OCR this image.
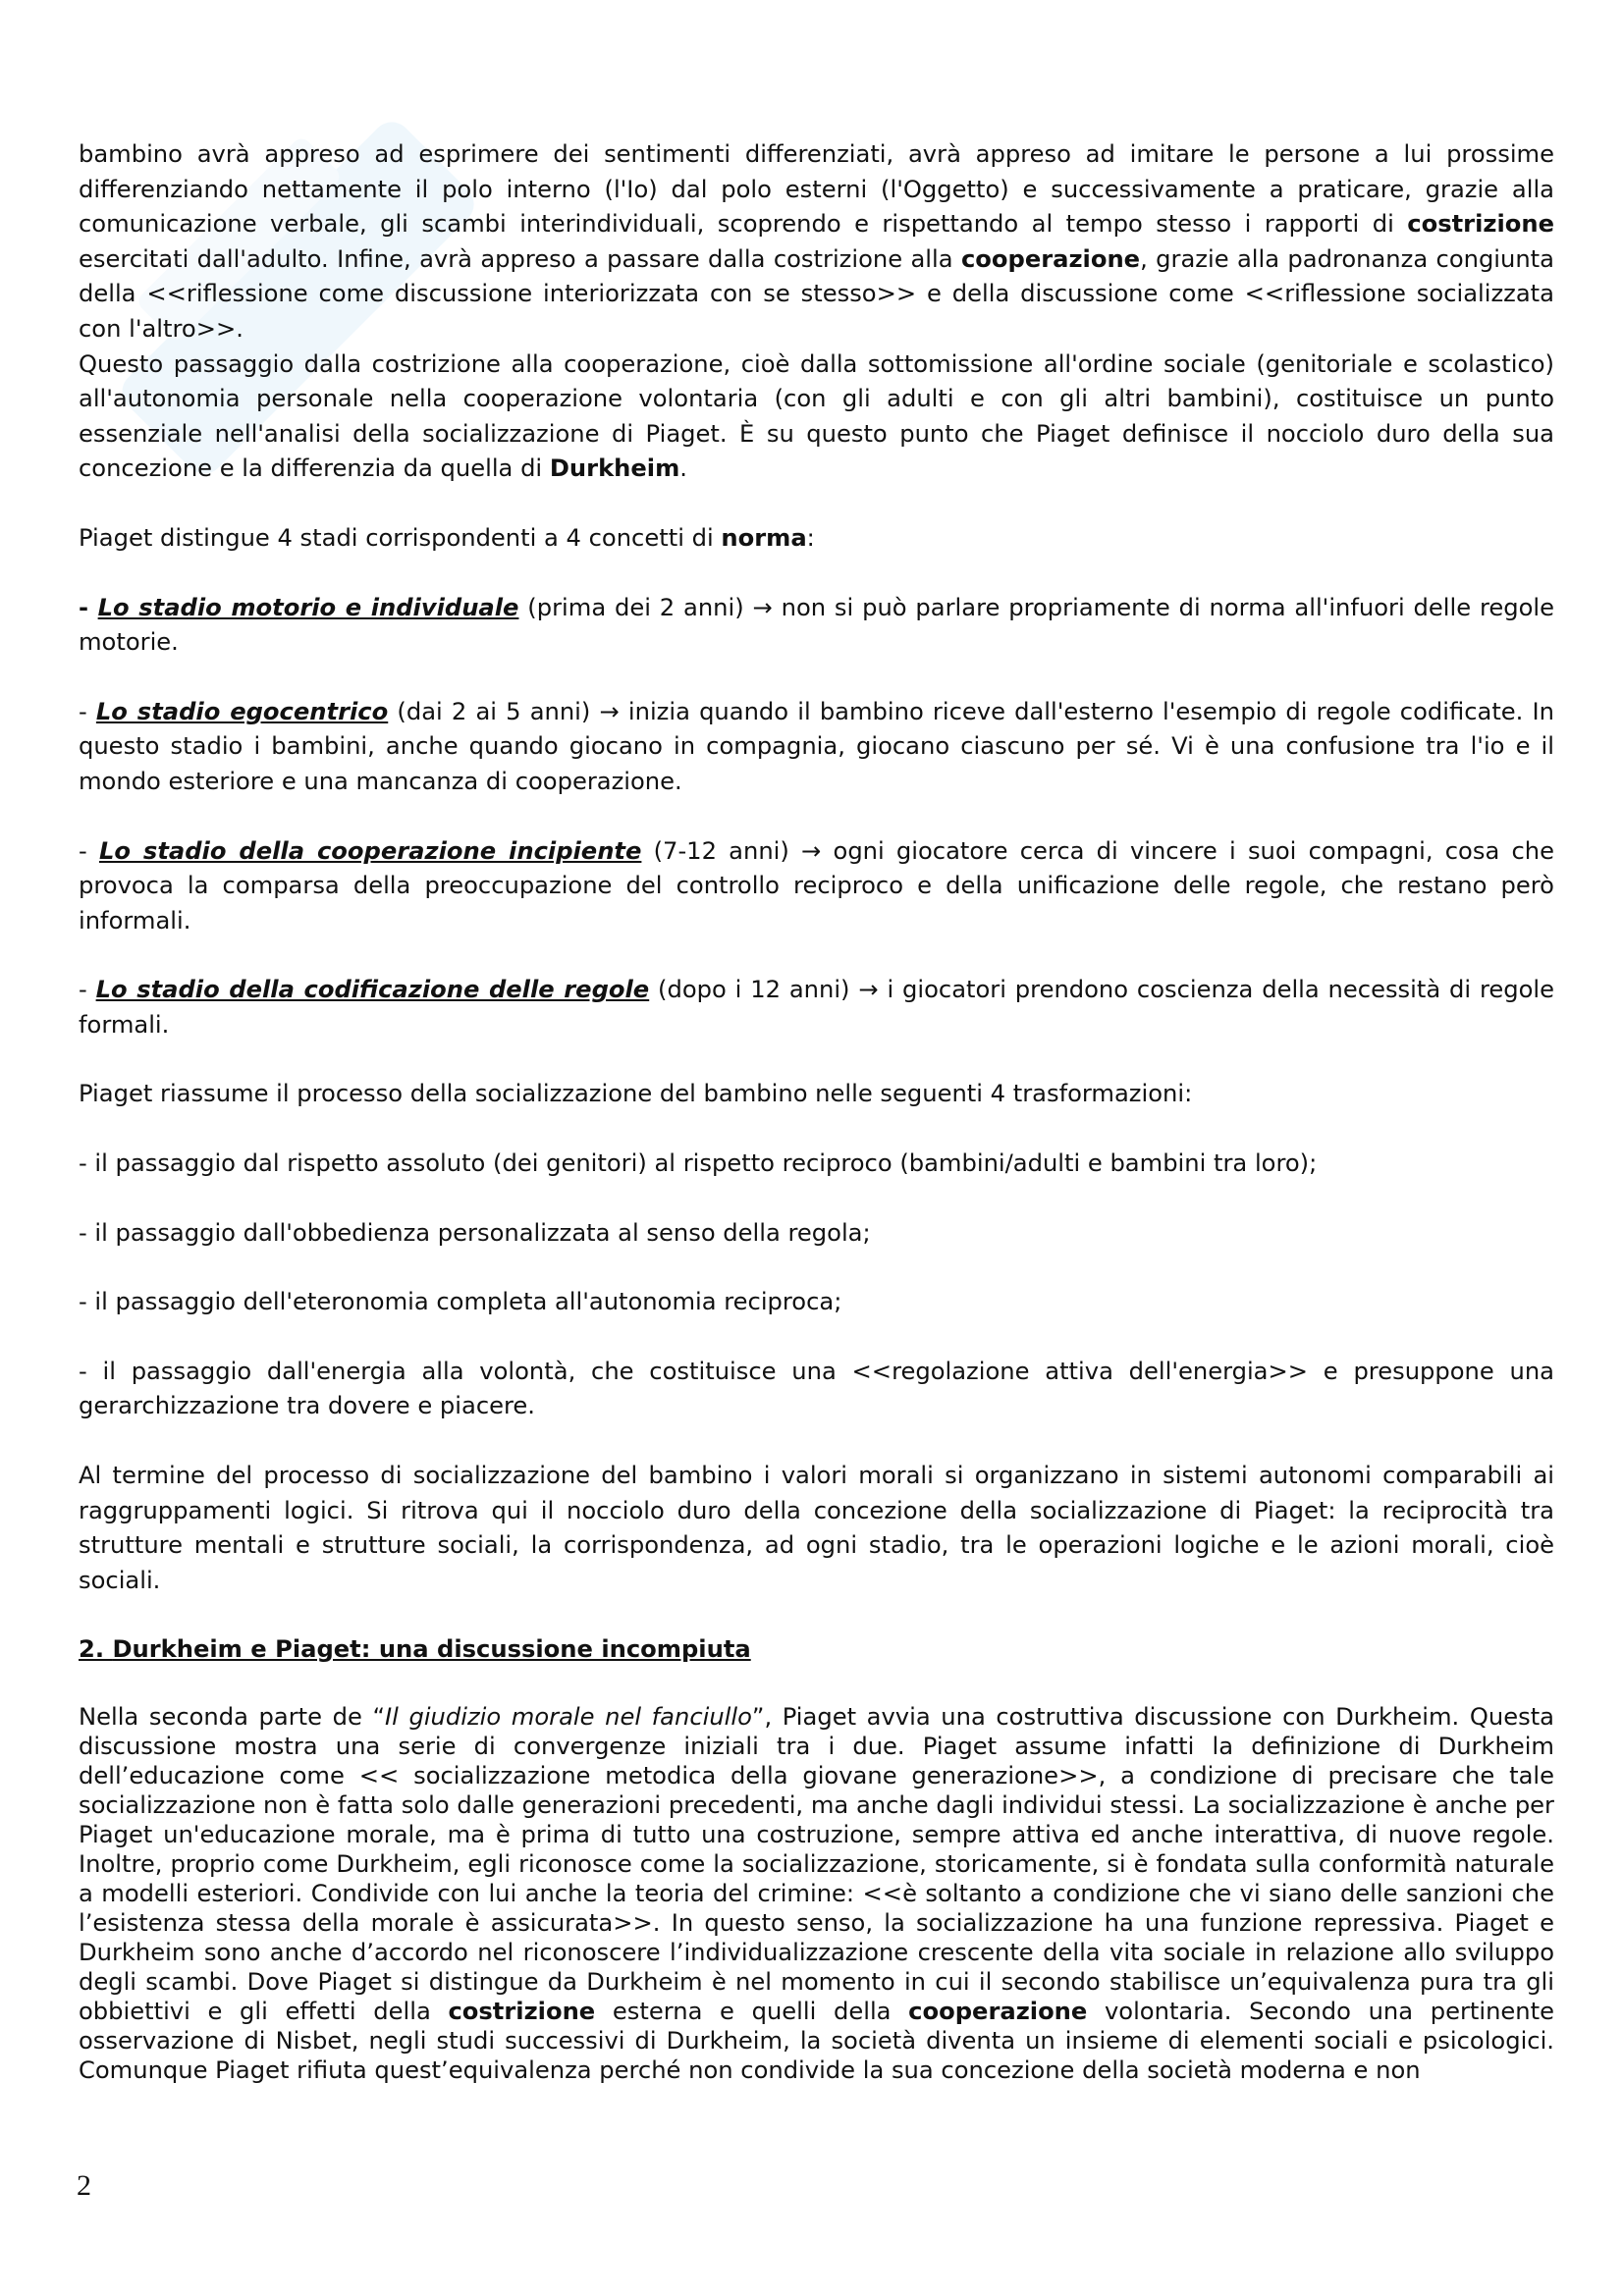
bambino avrà appreso ad esprimere dei sentimenti differenziati, avrà appreso ad imitare le persone a lui prossime differenziando nettamente il polo interno (l'Io) dal polo esterni (l'Oggetto) e successivamente a praticare, grazie alla comunicazione verbale, gli scambi interindividuali, scoprendo e rispettando al tempo stesso i rapporti di costrizione esercitati dall'adulto. Infine, avrà appreso a passare dalla costrizione alla cooperazione, grazie alla padronanza congiunta della <<riflessione come discussione interiorizzata con se stesso>> e della discussione come <<riflessione socializzata con l'altro>>.

Questo passaggio dalla costrizione alla cooperazione, cioè dalla sottomissione all'ordine sociale (genitoriale e scolastico) all'autonomia personale nella cooperazione volontaria (con gli adulti e con gli altri bambini), costituisce un punto essenziale nell'analisi della socializzazione di Piaget. È su questo punto che Piaget definisce il nocciolo duro della sua concezione e la differenzia da quella di Durkheim.

Piaget distingue 4 stadi corrispondenti a 4 concetti di norma:

- Lo stadio motorio e individuale (prima dei 2 anni) → non si può parlare propriamente di norma all'infuori delle regole motorie.

- Lo stadio egocentrico (dai 2 ai 5 anni) → inizia quando il bambino riceve dall'esterno l'esempio di regole codificate. In questo stadio i bambini, anche quando giocano in compagnia, giocano ciascuno per sé. Vi è una confusione tra l'io e il mondo esteriore e una mancanza di cooperazione.

- Lo stadio della cooperazione incipiente (7-12 anni) → ogni giocatore cerca di vincere i suoi compagni, cosa che provoca la comparsa della preoccupazione del controllo reciproco e della unificazione delle regole, che restano però informali.

- Lo stadio della codificazione delle regole (dopo i 12 anni) → i giocatori prendono coscienza della necessità di regole formali.

Piaget riassume il processo della socializzazione del bambino nelle seguenti 4 trasformazioni:

- il passaggio dal rispetto assoluto (dei genitori) al rispetto reciproco (bambini/adulti e bambini tra loro);

- il passaggio dall'obbedienza personalizzata al senso della regola;

- il passaggio dell'eteronomia completa all'autonomia reciproca;

- il passaggio dall'energia alla volontà, che costituisce una <<regolazione attiva dell'energia>> e presuppone una gerarchizzazione tra dovere e piacere.

Al termine del processo di socializzazione del bambino i valori morali si organizzano in sistemi autonomi comparabili ai raggruppamenti logici. Si ritrova qui il nocciolo duro della concezione della socializzazione di Piaget: la reciprocità tra strutture mentali e strutture sociali, la corrispondenza, ad ogni stadio, tra le operazioni logiche e le azioni morali, cioè sociali.

2. Durkheim e Piaget: una discussione incompiuta

Nella seconda parte de “Il giudizio morale nel fanciullo”, Piaget avvia una costruttiva discussione con Durkheim. Questa discussione mostra una serie di convergenze iniziali tra i due. Piaget assume infatti la definizione di Durkheim dell’educazione come << socializzazione metodica della giovane generazione>>, a condizione di precisare che tale socializzazione non è fatta solo dalle generazioni precedenti, ma anche dagli individui stessi. La socializzazione è anche per Piaget un'educazione morale, ma è prima di tutto una costruzione, sempre attiva ed anche interattiva, di nuove regole. Inoltre, proprio come Durkheim, egli riconosce come la socializzazione, storicamente, si è fondata sulla conformità naturale a modelli esteriori. Condivide con lui anche la teoria del crimine: <<è soltanto a condizione che vi siano delle sanzioni che l’esistenza stessa della morale è assicurata>>. In questo senso, la socializzazione ha una funzione repressiva. Piaget e Durkheim sono anche d’accordo nel riconoscere l’individualizzazione crescente della vita sociale in relazione allo sviluppo degli scambi. Dove Piaget si distingue da Durkheim è nel momento in cui il secondo stabilisce un’equivalenza pura tra gli obbiettivi e gli effetti della costrizione esterna e quelli della cooperazione volontaria. Secondo una pertinente osservazione di Nisbet, negli studi successivi di Durkheim, la società diventa un insieme di elementi sociali e psicologici. Comunque Piaget rifiuta quest’equivalenza perché non condivide la sua concezione della società moderna e non

2
